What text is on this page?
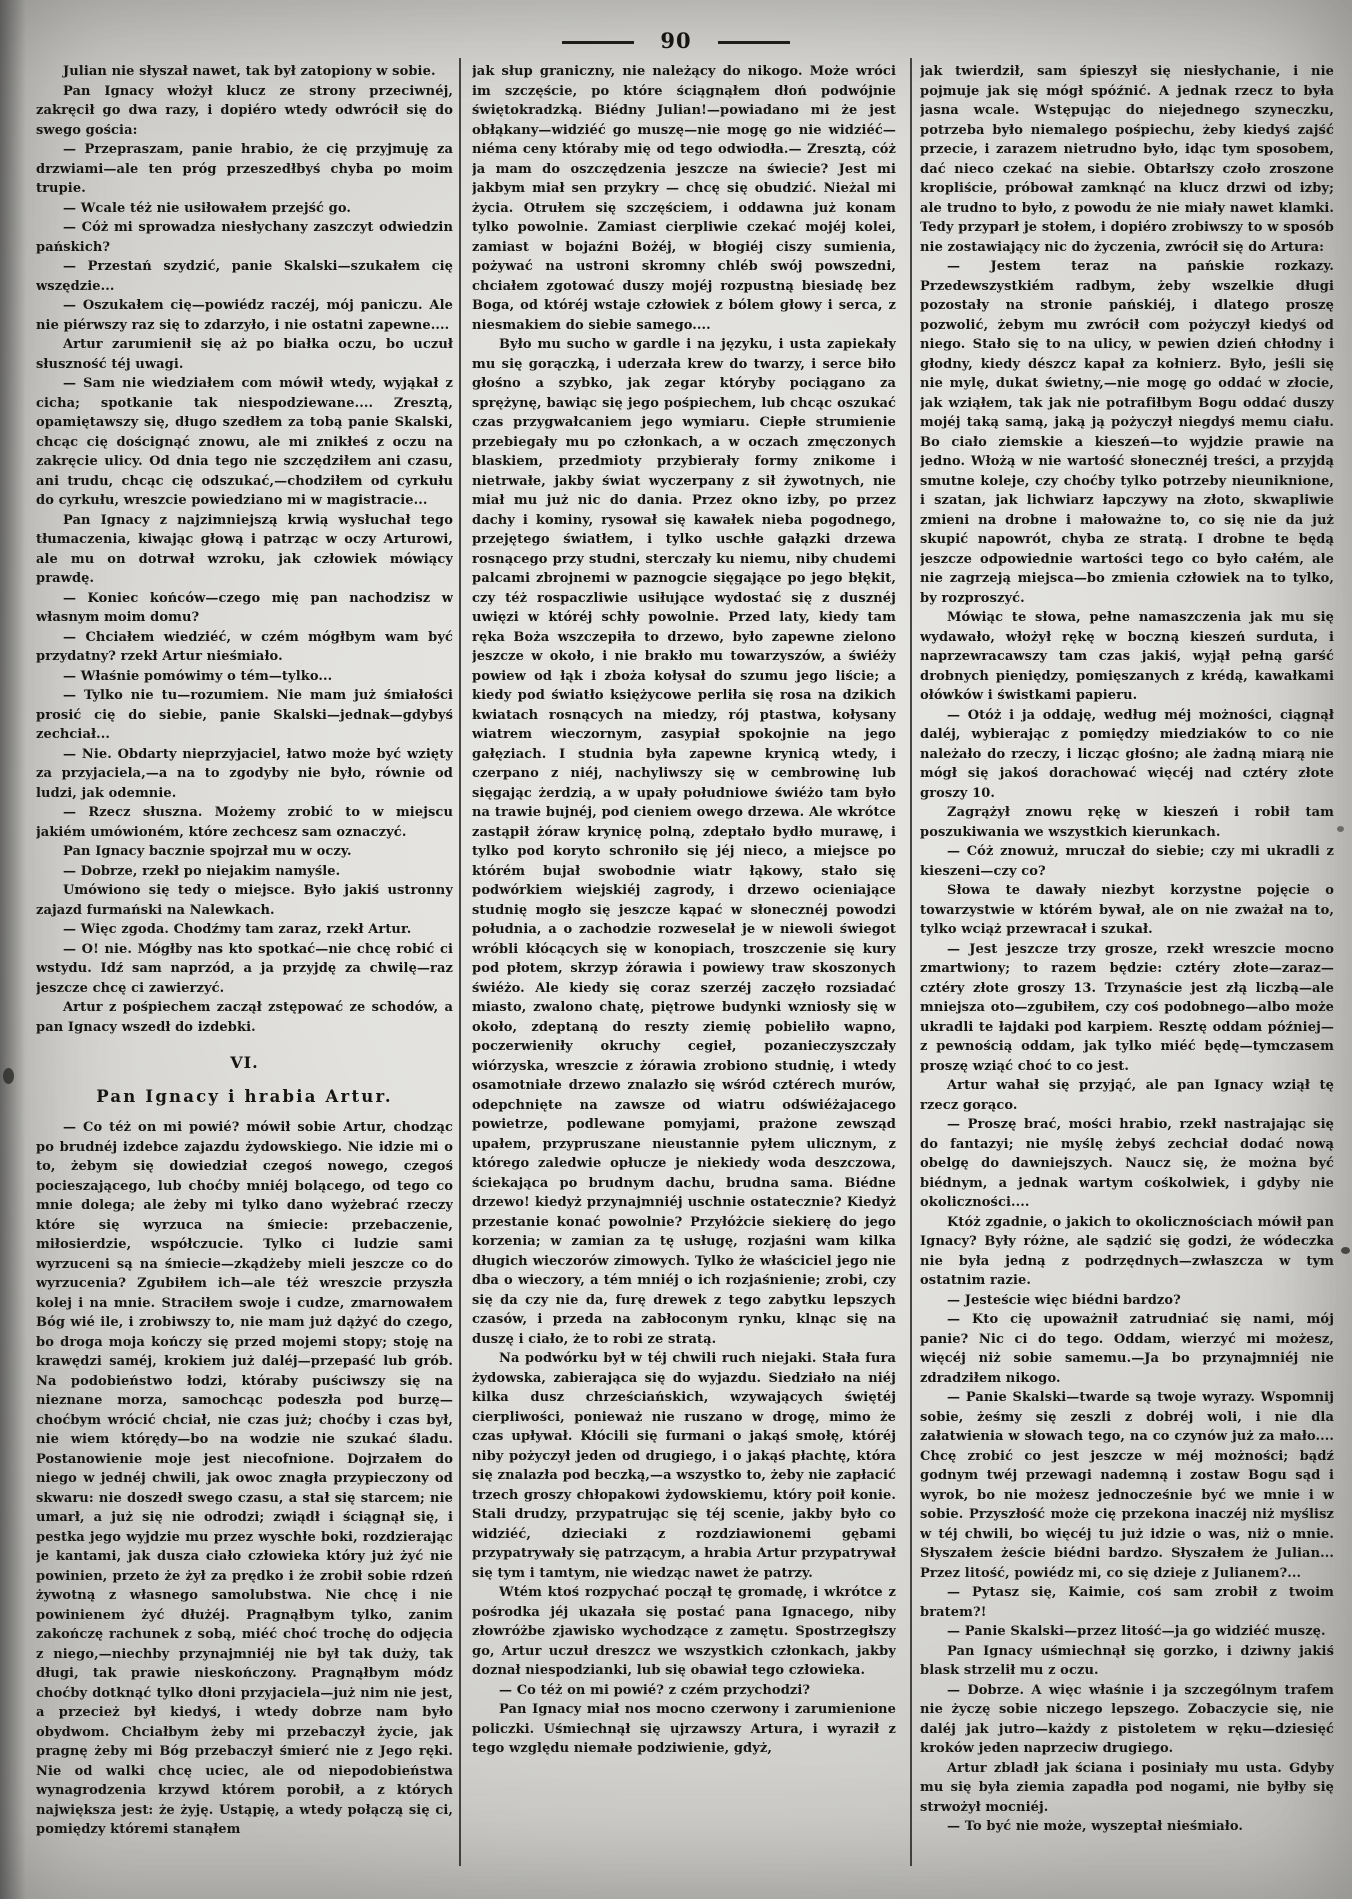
90

Julian nie słyszał nawet, tak był zatopiony w sobie.

Pan Ignacy włożył klucz ze strony przeciwnéj, zakręcił go dwa razy, i dopiéro wtedy odwrócił się do swego gościa:

— Przepraszam, panie hrabio, że cię przyjmuję za drzwiami—ale ten próg przeszedłbyś chyba po moim trupie.

— Wcale téż nie usiłowałem przejść go.

— Cóż mi sprowadza niesłychany zaszczyt odwiedzin pańskich?

— Przestań szydzić, panie Skalski—szukałem cię wszędzie...

— Oszukałem cię—powiédz raczéj, mój paniczu. Ale nie piérwszy raz się to zdarzyło, i nie ostatni zapewne....

Artur zarumienił się aż po białka oczu, bo uczuł słuszność téj uwagi.

— Sam nie wiedziałem com mówił wtedy, wyjąkał z cicha; spotkanie tak niespodziewane.... Zresztą, opamiętawszy się, długo szedłem za tobą panie Skalski, chcąc cię doścignąć znowu, ale mi znikłeś z oczu na zakręcie ulicy. Od dnia tego nie szczędziłem ani czasu, ani trudu, chcąc cię odszukać,—chodziłem od cyrkułu do cyrkułu, wreszcie powiedziano mi w magistracie...

Pan Ignacy z najzimniejszą krwią wysłuchał tego tłumaczenia, kiwając głową i patrząc w oczy Arturowi, ale mu on dotrwał wzroku, jak człowiek mówiący prawdę.

— Koniec końców—czego mię pan nachodzisz w własnym moim domu?

— Chciałem wiedziéć, w czém mógłbym wam być przydatny? rzekł Artur nieśmiało.

— Właśnie pomówimy o tém—tylko...

— Tylko nie tu—rozumiem. Nie mam już śmiałości prosić cię do siebie, panie Skalski—jednak—gdybyś zechciał...

— Nie. Obdarty nieprzyjaciel, łatwo może być wzięty za przyjaciela,—a na to zgodyby nie było, równie od ludzi, jak odemnie.

— Rzecz słuszna. Możemy zrobić to w miejscu jakiém umówioném, które zechcesz sam oznaczyć.

Pan Ignacy bacznie spojrzał mu w oczy.

— Dobrze, rzekł po niejakim namyśle.

Umówiono się tedy o miejsce. Było jakiś ustronny zajazd furmański na Nalewkach.

— Więc zgoda. Chodźmy tam zaraz, rzekł Artur.

— O! nie. Mógłby nas kto spotkać—nie chcę robić ci wstydu. Idź sam naprzód, a ja przyjdę za chwilę—raz jeszcze chcę ci zawierzyć.

Artur z pośpiechem zaczął zstępować ze schodów, a pan Ignacy wszedł do izdebki.

VI.

Pan Ignacy i hrabia Artur.

— Co téż on mi powié? mówił sobie Artur, chodząc po brudnéj izdebce zajazdu żydowskiego. Nie idzie mi o to, żebym się dowiedział czegoś nowego, czegoś pocieszającego, lub choćby mniéj bolącego, od tego co mnie dolega; ale żeby mi tylko dano wyżebrać rzeczy które się wyrzuca na śmiecie: przebaczenie, miłosierdzie, współczucie. Tylko ci ludzie sami wyrzuceni są na śmiecie—zkądżeby mieli jeszcze co do wyrzucenia? Zgubiłem ich—ale téż wreszcie przyszła kolej i na mnie. Straciłem swoje i cudze, zmarnowałem Bóg wié ile, i zrobiwszy to, nie mam już dążyć do czego, bo droga moja kończy się przed mojemi stopy; stoję na krawędzi saméj, krokiem już daléj—przepaść lub grób. Na podobieństwo łodzi, któraby puściwszy się na nieznane morza, samochcąc podeszła pod burzę—choćbym wrócić chciał, nie czas już; choćby i czas był, nie wiem którędy—bo na wodzie nie szukać śladu. Postanowienie moje jest niecofnione. Dojrzałem do niego w jednéj chwili, jak owoc znagła przypieczony od skwaru: nie doszedł swego czasu, a stał się starcem; nie umarł, a już się nie odrodzi; zwiądł i ściągnął się, i pestka jego wyjdzie mu przez wyschłe boki, rozdzierając je kantami, jak dusza ciało człowieka który już żyć nie powinien, przeto że żył za prędko i że zrobił sobie rdzeń żywotną z własnego samolubstwa. Nie chcę i nie powinienem żyć dłużéj. Pragnąłbym tylko, zanim zakończę rachunek z sobą, miéć choć trochę do odjęcia z niego,—niechby przynajmniéj nie był tak duży, tak długi, tak prawie nieskończony. Pragnąłbym módz choćby dotknąć tylko dłoni przyjaciela—już nim nie jest, a przecież był kiedyś, i wtedy dobrze nam było obydwom. Chciałbym żeby mi przebaczył życie, jak pragnę żeby mi Bóg przebaczył śmierć nie z Jego ręki. Nie od walki chcę uciec, ale od niepodobieństwa wynagrodzenia krzywd którem porobił, a z których największa jest: że żyję. Ustąpię, a wtedy połączą się ci, pomiędzy któremi stanąłem

jak słup graniczny, nie należący do nikogo. Może wróci im szczęście, po które ściągnąłem dłoń podwójnie świętokradzką. Biédny Julian!—powiadano mi że jest obłąkany—widziéć go muszę—nie mogę go nie widziéć—niéma ceny któraby mię od tego odwiodła.— Zresztą, cóż ja mam do oszczędzenia jeszcze na świecie? Jest mi jakbym miał sen przykry — chcę się obudzić. Nieżal mi życia. Otrułem się szczęściem, i oddawna już konam tylko powolnie. Zamiast cierpliwie czekać mojéj kolei, zamiast w bojaźni Bożéj, w błogiéj ciszy sumienia, pożywać na ustroni skromny chléb swój powszedni, chciałem zgotować duszy mojéj rozpustną biesiadę bez Boga, od któréj wstaje człowiek z bólem głowy i serca, z niesmakiem do siebie samego....

Było mu sucho w gardle i na języku, i usta zapiekały mu się gorączką, i uderzała krew do twarzy, i serce biło głośno a szybko, jak zegar któryby pociągano za sprężynę, bawiąc się jego pośpiechem, lub chcąc oszukać czas przygwałcaniem jego wymiaru. Ciepłe strumienie przebiegały mu po członkach, a w oczach zmęczonych blaskiem, przedmioty przybierały formy znikome i nietrwałe, jakby świat wyczerpany z sił żywotnych, nie miał mu już nic do dania. Przez okno izby, po przez dachy i kominy, rysował się kawałek nieba pogodnego, przejętego światłem, i tylko uschłe gałązki drzewa rosnącego przy studni, sterczały ku niemu, niby chudemi palcami zbrojnemi w paznogcie sięgające po jego błękit, czy téż rospaczliwie usiłujące wydostać się z dusznéj uwięzi w któréj schły powolnie. Przed laty, kiedy tam ręka Boża wszczepiła to drzewo, było zapewne zielono jeszcze w około, i nie brakło mu towarzyszów, a świéży powiew od łąk i zboża kołysał do szumu jego liście; a kiedy pod światło księżycowe perliła się rosa na dzikich kwiatach rosnących na miedzy, rój ptastwa, kołysany wiatrem wieczornym, zasypiał spokojnie na jego gałęziach. I studnia była zapewne krynicą wtedy, i czerpano z niéj, nachyliwszy się w cembrowinę lub sięgając żerdzią, a w upały południowe świéżo tam było na trawie bujnéj, pod cieniem owego drzewa. Ale wkrótce zastąpił żóraw krynicę polną, zdeptało bydło murawę, i tylko pod koryto schroniło się jéj nieco, a miejsce po którém bujał swobodnie wiatr łąkowy, stało się podwórkiem wiejskiéj zagrody, i drzewo ocieniające studnię mogło się jeszcze kąpać w słonecznéj powodzi południa, a o zachodzie rozweselał je w niewoli świegot wróbli kłócących się w konopiach, troszczenie się kury pod płotem, skrzyp żórawia i powiewy traw skoszonych świéżo. Ale kiedy się coraz szerzéj zaczęło rozsiadać miasto, zwalono chatę, piętrowe budynki wzniosły się w około, zdeptaną do reszty ziemię pobieliło wapno, poczerwieniły okruchy cegieł, pozanieczyszczały wiórzyska, wreszcie z żórawia zrobiono studnię, i wtedy osamotniałe drzewo znalazło się wśród cztérech murów, odepchnięte na zawsze od wiatru odświéżajacego powietrze, podlewane pomyjami, prażone zewsząd upałem, przypruszane nieustannie pyłem ulicznym, z którego zaledwie opłucze je niekiedy woda deszczowa, ściekająca po brudnym dachu, brudna sama. Biédne drzewo! kiedyż przynajmniéj uschnie ostatecznie? Kiedyż przestanie konać powolnie? Przyłóżcie siekierę do jego korzenia; w zamian za tę usługę, rozjaśni wam kilka długich wieczorów zimowych. Tylko że właściciel jego nie dba o wieczory, a tém mniéj o ich rozjaśnienie; zrobi, czy się da czy nie da, furę drewek z tego zabytku lepszych czasów, i przeda na zabłoconym rynku, klnąc się na duszę i ciało, że to robi ze stratą.

Na podwórku był w téj chwili ruch niejaki. Stała fura żydowska, zabierająca się do wyjazdu. Siedziało na niéj kilka dusz chrześciańskich, wzywających świętéj cierpliwości, ponieważ nie ruszano w drogę, mimo że czas upływał. Kłócili się furmani o jakąś smołę, któréj niby pożyczył jeden od drugiego, i o jakąś płachtę, która się znalazła pod beczką,—a wszystko to, żeby nie zapłacić trzech groszy chłopakowi żydowskiemu, który poił konie. Stali drudzy, przypatrując się téj scenie, jakby było co widziéć, dzieciaki z rozdziawionemi gębami przypatrywały się patrzącym, a hrabia Artur przypatrywał się tym i tamtym, nie wiedząc nawet że patrzy.

Wtém ktoś rozpychać począł tę gromadę, i wkrótce z pośrodka jéj ukazała się postać pana Ignacego, niby złowróżbe zjawisko wychodzące z zamętu. Spostrzegłszy go, Artur uczuł dreszcz we wszystkich członkach, jakby doznał niespodzianki, lub się obawiał tego człowieka.

— Co téż on mi powié? z czém przychodzi?

Pan Ignacy miał nos mocno czerwony i zarumienione policzki. Uśmiechnął się ujrzawszy Artura, i wyraził z tego względu niemałe podziwienie, gdyż,

jak twierdził, sam śpieszył się niesłychanie, i nie pojmuje jak się mógł spóźnić. A jednak rzecz to była jasna wcale. Wstępując do niejednego szyneczku, potrzeba było niemalego pośpiechu, żeby kiedyś zajść przecie, i zarazem nietrudno było, idąc tym sposobem, dać nieco czekać na siebie. Obtarłszy czoło zroszone kropliście, próbował zamknąć na klucz drzwi od izby; ale trudno to było, z powodu że nie miały nawet klamki. Tedy przyparł je stołem, i dopiéro zrobiwszy to w sposób nie zostawiający nic do życzenia, zwrócił się do Artura:

— Jestem teraz na pańskie rozkazy. Przedewszystkiém radbym, żeby wszelkie długi pozostały na stronie pańskiéj, i dlatego proszę pozwolić, żebym mu zwrócił com pożyczył kiedyś od niego. Stało się to na ulicy, w pewien dzień chłodny i głodny, kiedy dészcz kapał za kołnierz. Było, jeśli się nie mylę, dukat świetny,—nie mogę go oddać w złocie, jak wziąłem, tak jak nie potrafiłbym Bogu oddać duszy mojéj taką samą, jaką ją pożyczył niegdyś memu ciału. Bo ciało ziemskie a kieszeń—to wyjdzie prawie na jedno. Włożą w nie wartość słonecznéj treści, a przyjdą smutne koleje, czy choćby tylko potrzeby nieuniknione, i szatan, jak lichwiarz łapczywy na złoto, skwapliwie zmieni na drobne i małoważne to, co się nie da już skupić napowrót, chyba ze stratą. I drobne te będą jeszcze odpowiednie wartości tego co było całém, ale nie zagrzeją miejsca—bo zmienia człowiek na to tylko, by rozproszyć.

Mówiąc te słowa, pełne namaszczenia jak mu się wydawało, włożył rękę w boczną kieszeń surduta, i naprzewracawszy tam czas jakiś, wyjął pełną garść drobnych pieniędzy, pomięszanych z krédą, kawałkami ołówków i świstkami papieru.

— Otóż i ja oddaję, według méj możności, ciągnął daléj, wybierając z pomiędzy miedziaków to co nie należało do rzeczy, i licząc głośno; ale żadną miarą nie mógł się jakoś dorachować więcéj nad cztéry złote groszy 10.

Zagrążył znowu rękę w kieszeń i robił tam poszukiwania we wszystkich kierunkach.

— Cóż znowuż, mruczał do siebie; czy mi ukradli z kieszeni—czy co?

Słowa te dawały niezbyt korzystne pojęcie o towarzystwie w którém bywał, ale on nie zważał na to, tylko wciąż przewracał i szukał.

— Jest jeszcze trzy grosze, rzekł wreszcie mocno zmartwiony; to razem będzie: cztéry złote—zaraz—cztéry złote groszy 13. Trzynaście jest złą liczbą—ale mniejsza oto—zgubiłem, czy coś podobnego—albo może ukradli te łajdaki pod karpiem. Resztę oddam później—z pewnością oddam, jak tylko miéć będę—tymczasem proszę wziąć choć to co jest.

Artur wahał się przyjąć, ale pan Ignacy wziął tę rzecz gorąco.

— Proszę brać, mości hrabio, rzekł nastrajając się do fantazyi; nie myślę żebyś zechciał dodać nową obelgę do dawniejszych. Naucz się, że można być biédnym, a jednak wartym cośkolwiek, i gdyby nie okoliczności....

Któż zgadnie, o jakich to okolicznościach mówił pan Ignacy? Były różne, ale sądzić się godzi, że wódeczka nie była jedną z podrzędnych—zwłaszcza w tym ostatnim razie.

— Jesteście więc biédni bardzo?

— Kto cię upoważnił zatrudniać się nami, mój panie? Nic ci do tego. Oddam, wierzyć mi możesz, więcéj niż sobie samemu.—Ja bo przynajmniéj nie zdradziłem nikogo.

— Panie Skalski—twarde są twoje wyrazy. Wspomnij sobie, żeśmy się zeszli z dobréj woli, i nie dla załatwienia w słowach tego, na co czynów już za mało.... Chcę zrobić co jest jeszcze w méj możności; bądź godnym twéj przewagi nademną i zostaw Bogu sąd i wyrok, bo nie możesz jednocześnie być we mnie i w sobie. Przyszłość może cię przekona inaczéj niż myślisz w téj chwili, bo więcéj tu już idzie o was, niż o mnie. Słyszałem żeście biédni bardzo. Słyszałem że Julian... Przez litość, powiédz mi, co się dzieje z Julianem?...

— Pytasz się, Kaimie, coś sam zrobił z twoim bratem?!

— Panie Skalski—przez litość—ja go widziéć muszę.

Pan Ignacy uśmiechnął się gorzko, i dziwny jakiś blask strzelił mu z oczu.

— Dobrze. A więc właśnie i ja szczególnym trafem nie życzę sobie niczego lepszego. Zobaczycie się, nie daléj jak jutro—każdy z pistoletem w ręku—dziesięć kroków jeden naprzeciw drugiego.

Artur zbladł jak ściana i posiniały mu usta. Gdyby mu się była ziemia zapadła pod nogami, nie byłby się strwożył mocniéj.

— To być nie może, wyszeptał nieśmiało.
